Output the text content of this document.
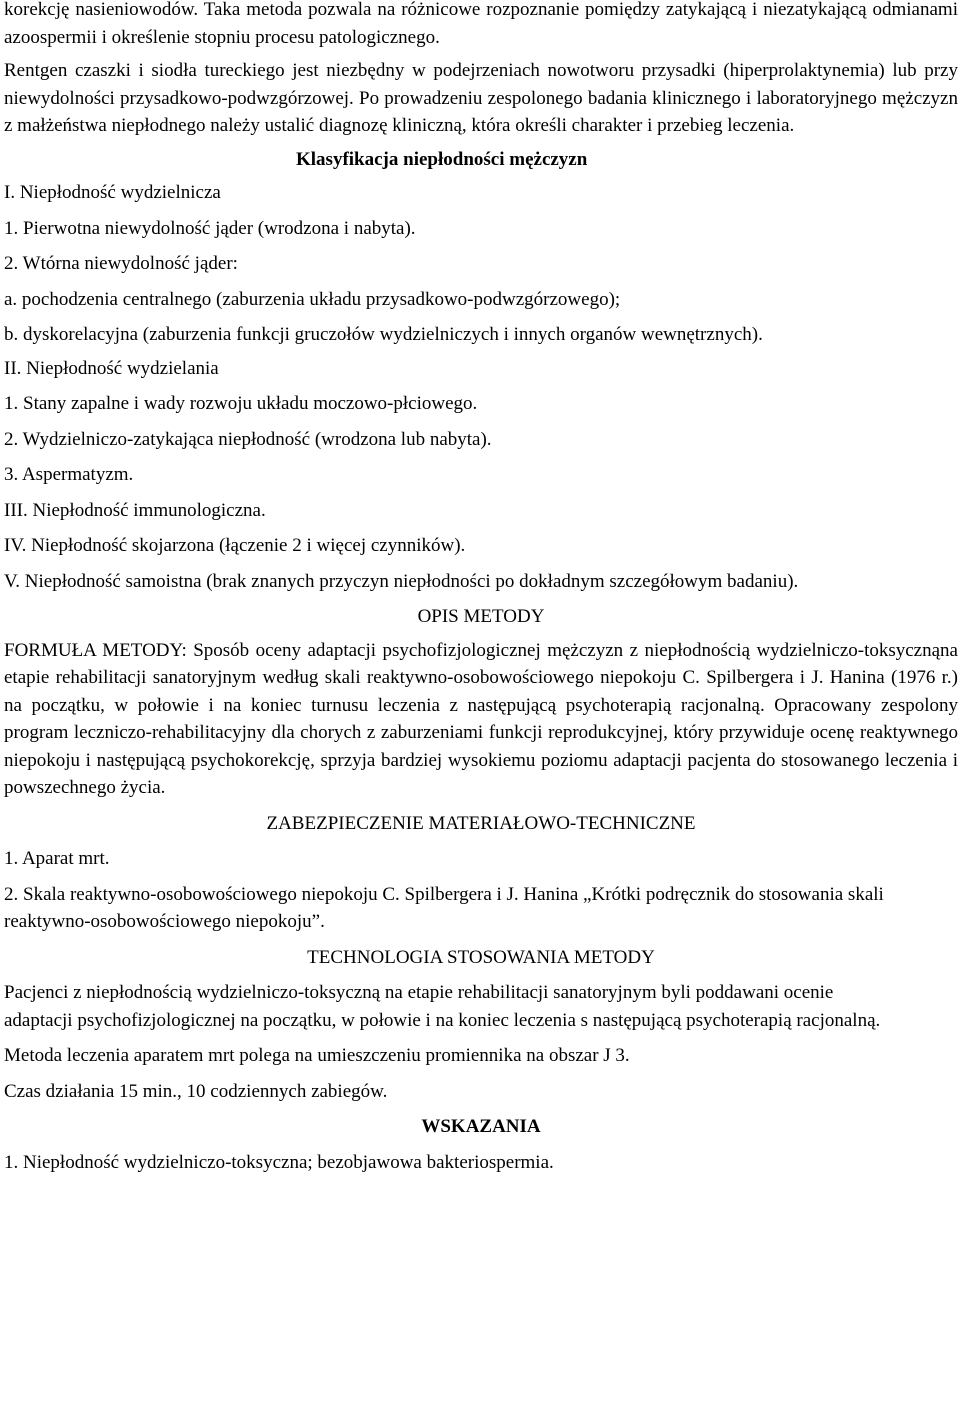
korekcję nasieniowodów. Taka metoda pozwala na różnicowe rozpoznanie pomiędzy zatykającą i niezatykającą odmianami azoospermii i określenie stopniu procesu patologicznego.

Rentgen czaszki i siodła tureckiego jest niezbędny w podejrzeniach nowotworu przysadki (hiperprolaktynemia) lub przy niewydolności przysadkowo-podwzgórzowej. Po prowadzeniu zespolonego badania klinicznego i laboratoryjnego mężczyzn z małżeństwa niepłodnego należy ustalić diagnozę kliniczną, która określi charakter i przebieg leczenia.

Klasyfikacja niepłodności mężczyzn

I. Niepłodność wydzielnicza

1. Pierwotna niewydolność jąder (wrodzona i nabyta).

2. Wtórna niewydolność jąder:

a. pochodzenia centralnego (zaburzenia układu przysadkowo-podwzgórzowego);

b. dyskorelacyjna (zaburzenia funkcji gruczołów wydzielniczych i innych organów wewnętrznych).

II. Niepłodność wydzielania

1. Stany zapalne i wady rozwoju układu moczowo-płciowego.

2. Wydzielniczo-zatykająca niepłodność (wrodzona lub nabyta).

3. Aspermatyzm.

III. Niepłodność immunologiczna.

IV. Niepłodność skojarzona (łączenie 2 i więcej czynników).

V. Niepłodność samoistna (brak znanych przyczyn niepłodności po dokładnym szczegółowym badaniu).

OPIS METODY

FORMUŁA METODY: Sposób oceny adaptacji psychofizjologicznej mężczyzn z niepłodnością wydzielniczo-toksycznąna etapie rehabilitacji sanatoryjnym według skali reaktywno-osobowościowego niepokoju C. Spilbergera i J. Hanina (1976 r.) na początku, w połowie i na koniec turnusu leczenia z następującą psychoterapią racjonalną. Opracowany zespolony program leczniczo-rehabilitacyjny dla chorych z zaburzeniami funkcji reprodukcyjnej, który przywiduje ocenę reaktywnego niepokoju i następującą psychokorekcję, sprzyja bardziej wysokiemu poziomu adaptacji pacjenta do stosowanego leczenia i powszechnego życia.

ZABEZPIECZENIE MATERIAŁOWO-TECHNICZNE

1. Aparat mrt.

2. Skala reaktywno-osobowościowego niepokoju C. Spilbergera i J. Hanina „Krótki podręcznik do stosowania skali reaktywno-osobowościowego niepokoju”.

TECHNOLOGIA STOSOWANIA METODY

Pacjenci z niepłodnością wydzielniczo-toksyczną na etapie rehabilitacji sanatoryjnym byli poddawani ocenie adaptacji psychofizjologicznej na początku, w połowie i na koniec leczenia s następującą psychoterapią racjonalną.

Metoda leczenia aparatem mrt polega na umieszczeniu promiennika na obszar J 3.

Czas działania 15 min., 10 codziennych zabiegów.

WSKAZANIA

1. Niepłodność wydzielniczo-toksyczna; bezobjawowa bakteriospermia.
